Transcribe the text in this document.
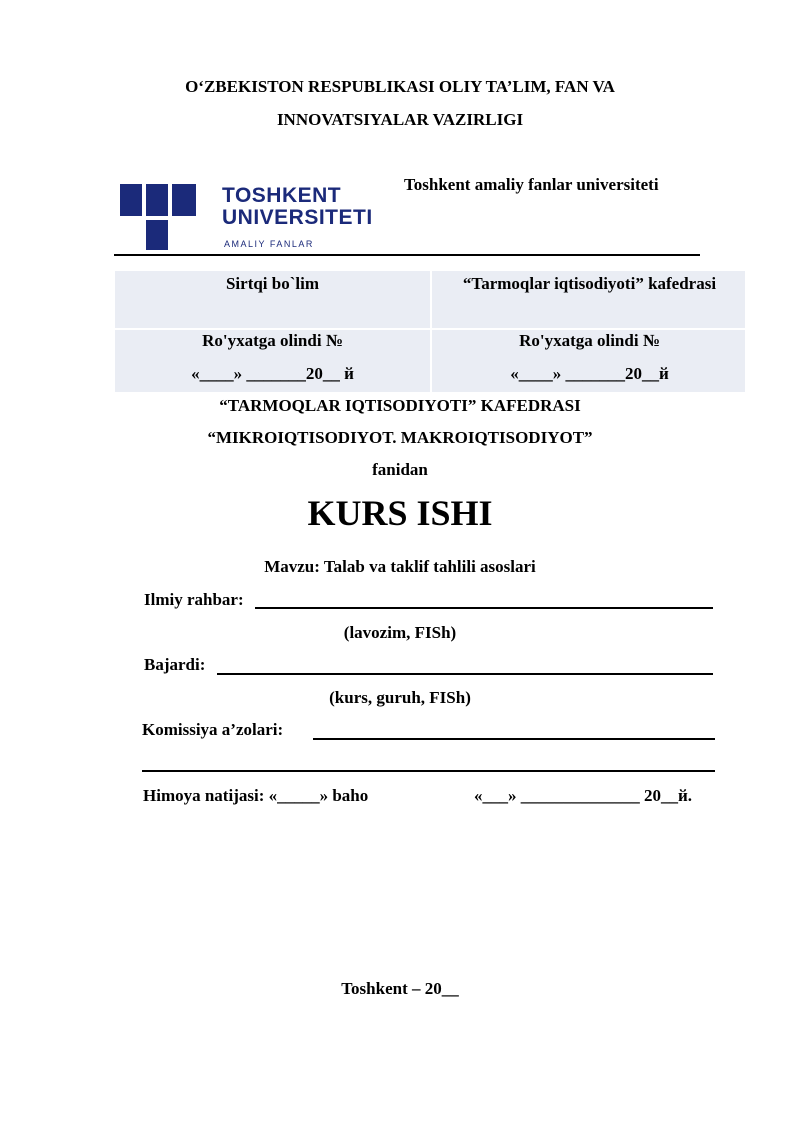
O‘ZBEKISTON RESPUBLIKASI OLIY TA’LIM, FAN VA
INNOVATSIYALAR VAZIRLIGI
TOSHKENT
UNIVERSITETI
AMALIY FANLAR
Toshkent amaliy fanlar universiteti
Sirtqi bo`lim	“Tarmoqlar iqtisodiyoti” kafedrasi
Ro'yxatga olindi №
«____» _______20__ й
Ro'yxatga olindi №
«____» _______20__й
“TARMOQLAR IQTISODIYOTI” KAFEDRASI
“MIKROIQTISODIYOT. MAKROIQTISODIYOT”
fanidan
KURS ISHI
Mavzu: Talab va taklif tahlili asoslari
Ilmiy rahbar:
(lavozim, FISh)
Bajardi:
(kurs, guruh, FISh)
Komissiya a’zolari:
Himoya natijasi: «_____» baho	«___» ______________ 20__й.
Toshkent – 20__
